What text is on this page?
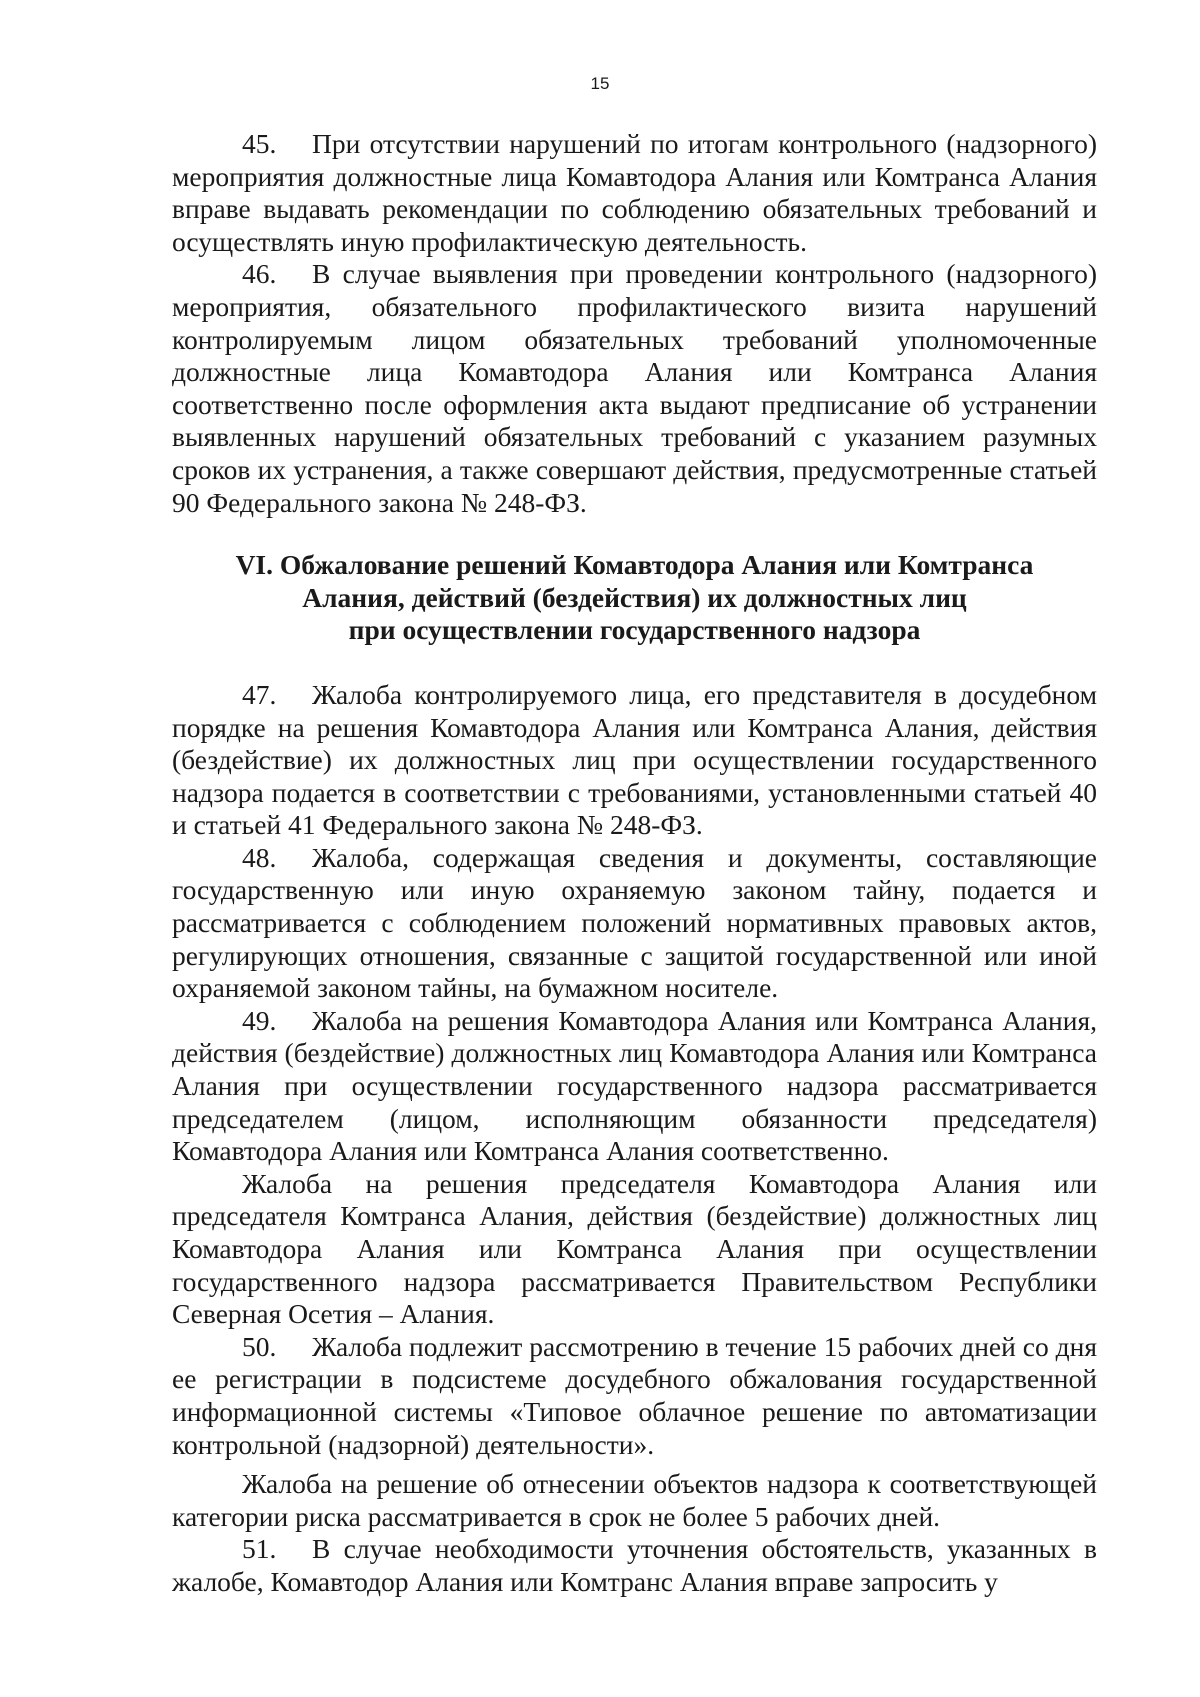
15

45. При отсутствии нарушений по итогам контрольного (надзорного) мероприятия должностные лица Комавтодора Алания или Комтранса Алания вправе выдавать рекомендации по соблюдению обязательных требований и осуществлять иную профилактическую деятельность.

46. В случае выявления при проведении контрольного (надзорного) мероприятия, обязательного профилактического визита нарушений контролируемым лицом обязательных требований уполномоченные должностные лица Комавтодора Алания или Комтранса Алания соответственно после оформления акта выдают предписание об устранении выявленных нарушений обязательных требований с указанием разумных сроков их устранения, а также совершают действия, предусмотренные статьей 90 Федерального закона № 248-ФЗ.

VI. Обжалование решений Комавтодора Алания или Комтранса
Алания, действий (бездействия) их должностных лиц
при осуществлении государственного надзора

47. Жалоба контролируемого лица, его представителя в досудебном порядке на решения Комавтодора Алания или Комтранса Алания, действия (бездействие) их должностных лиц при осуществлении государственного надзора подается в соответствии с требованиями, установленными статьей 40 и статьей 41 Федерального закона № 248-ФЗ.

48. Жалоба, содержащая сведения и документы, составляющие государственную или иную охраняемую законом тайну, подается и рассматривается с соблюдением положений нормативных правовых актов, регулирующих отношения, связанные с защитой государственной или иной охраняемой законом тайны, на бумажном носителе.

49. Жалоба на решения Комавтодора Алания или Комтранса Алания, действия (бездействие) должностных лиц Комавтодора Алания или Комтранса Алания при осуществлении государственного надзора рассматривается председателем (лицом, исполняющим обязанности председателя) Комавтодора Алания или Комтранса Алания соответственно.

Жалоба на решения председателя Комавтодора Алания или председателя Комтранса Алания, действия (бездействие) должностных лиц Комавтодора Алания или Комтранса Алания при осуществлении государственного надзора рассматривается Правительством Республики Северная Осетия – Алания.

50. Жалоба подлежит рассмотрению в течение 15 рабочих дней со дня ее регистрации в подсистеме досудебного обжалования государственной информационной системы «Типовое облачное решение по автоматизации контрольной (надзорной) деятельности».

Жалоба на решение об отнесении объектов надзора к соответствующей категории риска рассматривается в срок не более 5 рабочих дней.

51. В случае необходимости уточнения обстоятельств, указанных в жалобе, Комавтодор Алания или Комтранс Алания вправе запросить у
